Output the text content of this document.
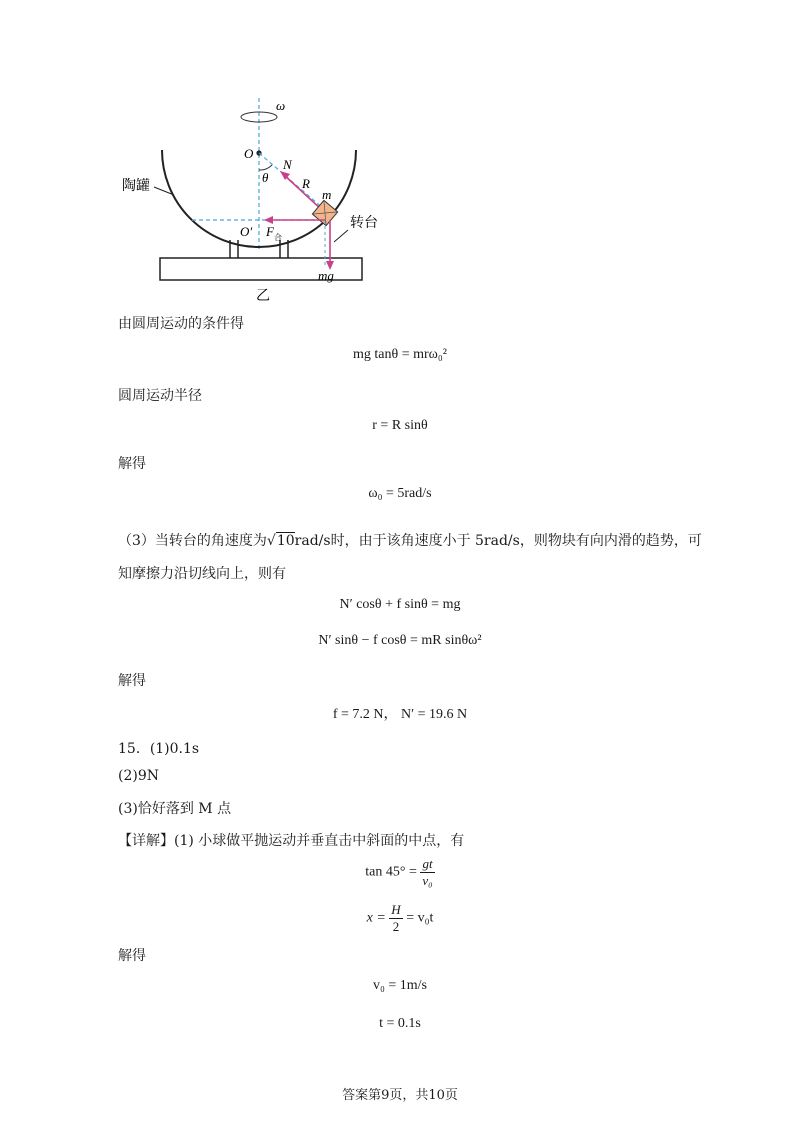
ω
O
θ
N
R
m
mg
O′ F 合
陶罐
转台
乙
由圆周运动的条件得
mg tanθ = mrω₀²
圆周运动半径
r = R sinθ
解得
ω₀ = 5rad/s
（3）当转台的角速度为√10rad/s时，由于该角速度小于 5rad/s，则物块有向内滑的趋势，可
知摩擦力沿切线向上，则有
N′ cosθ + f sinθ = mg
N′ sinθ − f cosθ = mR sinθω²
解得
f = 7.2 N， N′ = 19.6 N
15．(1)0.1s
(2)9N
(3)恰好落到 M 点
【详解】(1) 小球做平抛运动并垂直击中斜面的中点，有
$\tan 45^\circ = \frac{gt}{\text{v₀}}$
$x = \frac{H}{2} = v_0t$
解得
v₀ = 1m/s
t = 0.1s
答案第9页，共10页
